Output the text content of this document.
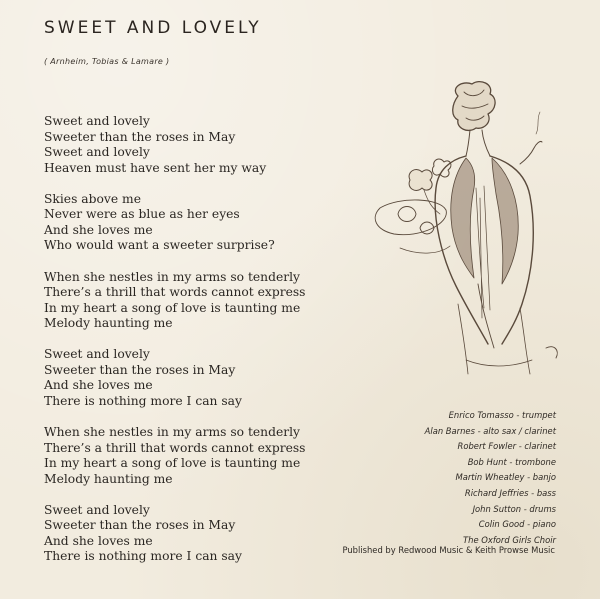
SWEET AND LOVELY
( Arnheim, Tobias & Lamare )
Sweet and lovely
Sweeter than the roses in May
Sweet and lovely
Heaven must have sent her my way
Skies above me
Never were as blue as her eyes
And she loves me
Who would want a sweeter surprise?
When she nestles in my arms so tenderly
There’s a thrill that words cannot express
In my heart a song of love is taunting me
Melody haunting me
Sweet and lovely
Sweeter than the roses in May
And she loves me
There is nothing more I can say
When she nestles in my arms so tenderly
There’s a thrill that words cannot express
In my heart a song of love is taunting me
Melody haunting me
Sweet and lovely
Sweeter than the roses in May
And she loves me
There is nothing more I can say
Enrico Tomasso - trumpet
Alan Barnes - alto sax / clarinet
Robert Fowler - clarinet
Bob Hunt - trombone
Martin Wheatley - banjo
Richard Jeffries - bass
John Sutton - drums
Colin Good - piano
The Oxford Girls Choir
Published by Redwood Music & Keith Prowse Music
